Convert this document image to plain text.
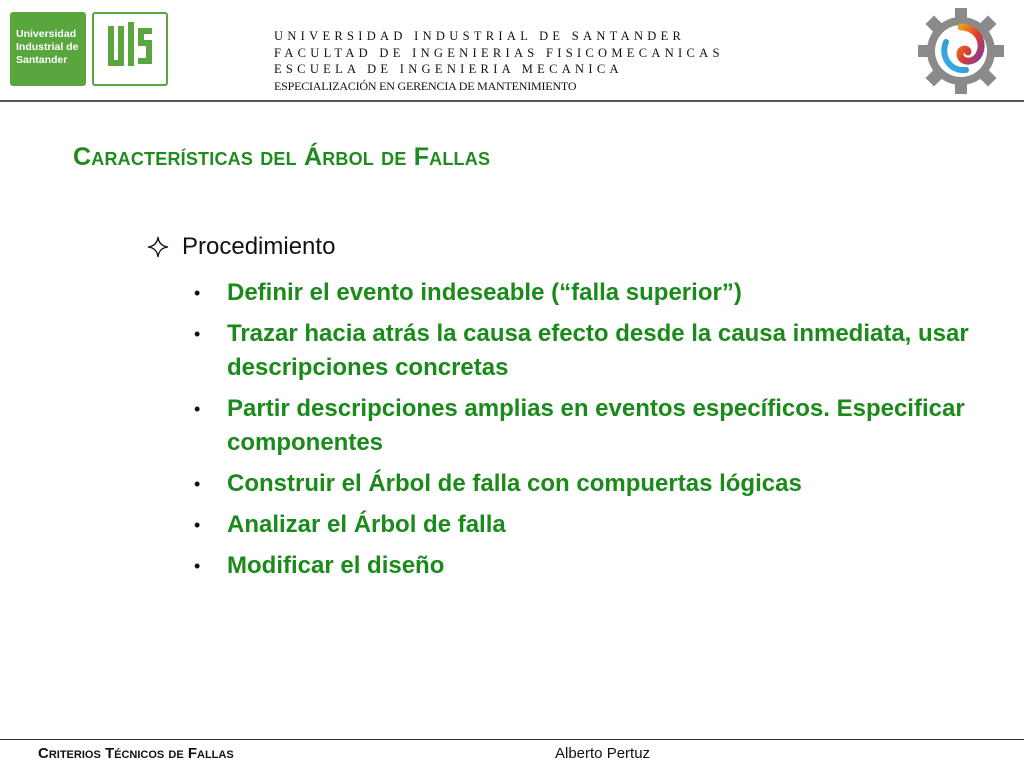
Universidad
Industrial de
Santander
UNIVERSIDAD INDUSTRIAL DE SANTANDER
FACULTAD DE INGENIERIAS FISICOMECANICAS
ESCUELA DE INGENIERIA MECANICA
ESPECIALIZACIÓN EN GERENCIA DE MANTENIMIENTO
Características del Árbol de Fallas
Procedimiento
• Definir el evento indeseable (“falla superior”)
• Trazar hacia atrás la causa efecto desde la causa inmediata, usar descripciones concretas
• Partir descripciones amplias en eventos específicos. Especificar componentes
• Construir el Árbol de falla con compuertas lógicas
• Analizar el Árbol de falla
• Modificar el diseño
Criterios Técnicos de Fallas	Alberto Pertuz
